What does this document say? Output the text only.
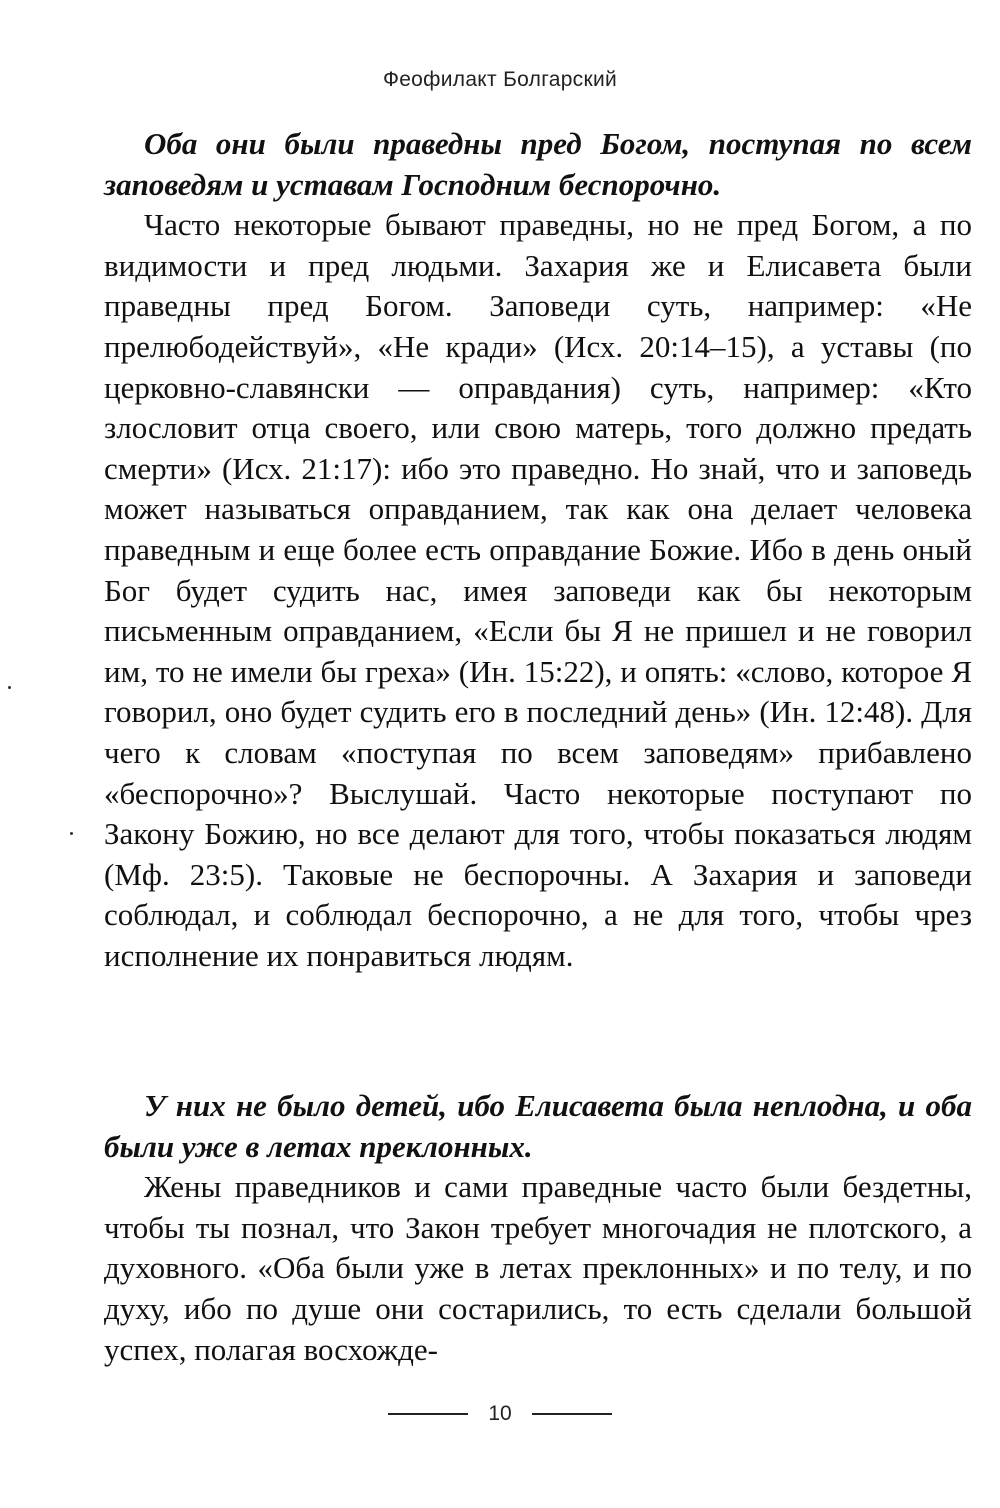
Феофилакт Болгарский

Оба они были праведны пред Богом, поступая по всем заповедям и уставам Господним беспорочно.

Часто некоторые бывают праведны, но не пред Богом, а по видимости и пред людьми. Захария же и Елисавета были праведны пред Богом. Заповеди суть, например: «Не прелюбодействуй», «Не кради» (Исх. 20:14–15), а уставы (по церковно-славянски — оправдания) суть, например: «Кто злословит отца своего, или свою матерь, того должно предать смерти» (Исх. 21:17): ибо это праведно. Но знай, что и заповедь может называться оправданием, так как она делает человека праведным и еще более есть оправдание Божие. Ибо в день оный Бог будет судить нас, имея заповеди как бы некоторым письменным оправданием, «Если бы Я не пришел и не говорил им, то не имели бы греха» (Ин. 15:22), и опять: «слово, которое Я говорил, оно будет судить его в последний день» (Ин. 12:48). Для чего к словам «поступая по всем заповедям» прибавлено «беспорочно»? Выслушай. Часто некоторые поступают по Закону Божию, но все делают для того, чтобы показаться людям (Мф. 23:5). Таковые не беспорочны. А Захария и заповеди соблюдал, и соблюдал беспорочно, а не для того, чтобы чрез исполнение их понравиться людям.

У них не было детей, ибо Елисавета была неплодна, и оба были уже в летах преклонных.

Жены праведников и сами праведные часто были бездетны, чтобы ты познал, что Закон требует многочадия не плотского, а духовного. «Оба были уже в летах преклонных» и по телу, и по духу, ибо по душе они состарились, то есть сделали большой успех, полагая восхожде-

10
